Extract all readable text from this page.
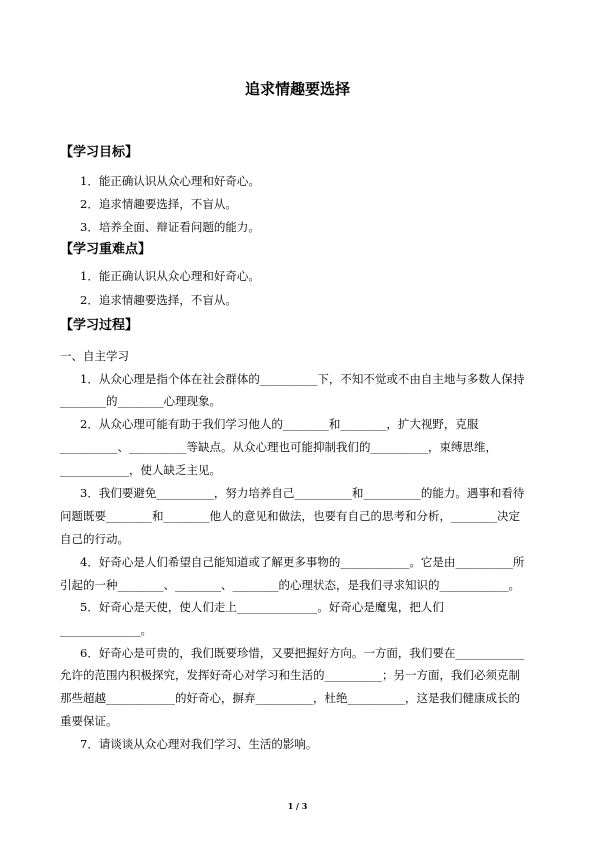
追求情趣要选择
【学习目标】
1．能正确认识从众心理和好奇心。
2．追求情趣要选择，不盲从。
3．培养全面、辩证看问题的能力。
【学习重难点】
1．能正确认识从众心理和好奇心。
2．追求情趣要选择，不盲从。
【学习过程】
一、自主学习
1．从众心理是指个体在社会群体的__________下，不知不觉或不由自主地与多数人保持
________的________心理现象。
2．从众心理可能有助于我们学习他人的________和________，扩大视野，克服
__________、__________等缺点。从众心理也可能抑制我们的__________，束缚思维，
____________，使人缺乏主见。
3．我们要避免__________，努力培养自己__________和__________的能力。遇事和看待
问题既要________和________他人的意见和做法，也要有自己的思考和分析，________决定
自己的行动。
4．好奇心是人们希望自己能知道或了解更多事物的____________。它是由__________所
引起的一种________、________、________的心理状态，是我们寻求知识的____________。
5．好奇心是天使，使人们走上______________。好奇心是魔鬼，把人们
______________。
6．好奇心是可贵的，我们既要珍惜，又要把握好方向。一方面，我们要在____________
允许的范围内积极探究，发挥好奇心对学习和生活的__________；另一方面，我们必须克制
那些超越____________的好奇心，摒弃__________，杜绝__________，这是我们健康成长的
重要保证。
7．请谈谈从众心理对我们学习、生活的影响。
1 / 3
